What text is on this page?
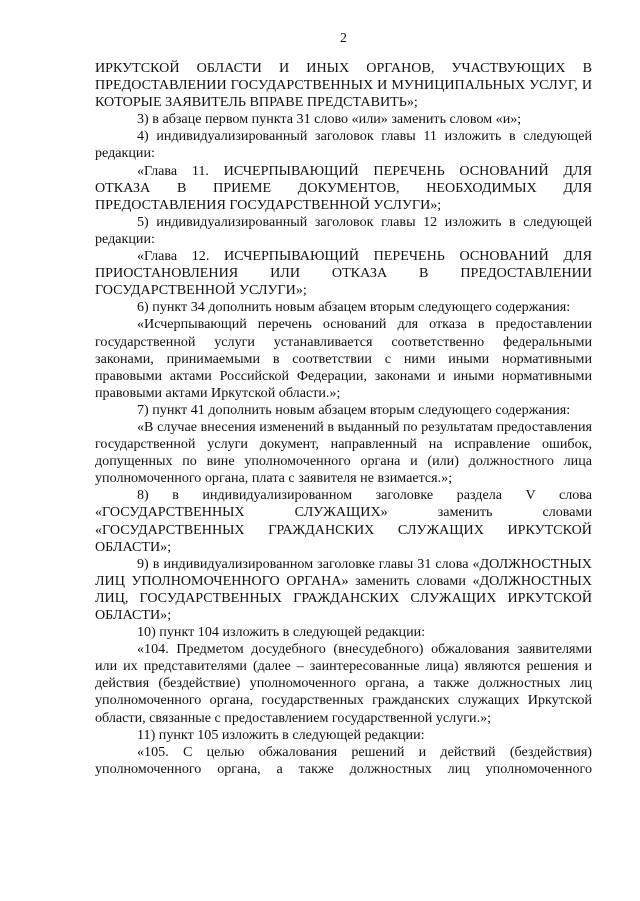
2

ИРКУТСКОЙ ОБЛАСТИ И ИНЫХ ОРГАНОВ, УЧАСТВУЮЩИХ В ПРЕДОСТАВЛЕНИИ ГОСУДАРСТВЕННЫХ И МУНИЦИПАЛЬНЫХ УСЛУГ, И КОТОРЫЕ ЗАЯВИТЕЛЬ ВПРАВЕ ПРЕДСТАВИТЬ»;

3) в абзаце первом пункта 31 слово «или» заменить словом «и»;

4) индивидуализированный заголовок главы 11 изложить в следующей редакции:

«Глава 11. ИСЧЕРПЫВАЮЩИЙ ПЕРЕЧЕНЬ ОСНОВАНИЙ ДЛЯ ОТКАЗА В ПРИЕМЕ ДОКУМЕНТОВ, НЕОБХОДИМЫХ ДЛЯ ПРЕДОСТАВЛЕНИЯ ГОСУДАРСТВЕННОЙ УСЛУГИ»;

5) индивидуализированный заголовок главы 12 изложить в следующей редакции:

«Глава 12. ИСЧЕРПЫВАЮЩИЙ ПЕРЕЧЕНЬ ОСНОВАНИЙ ДЛЯ ПРИОСТАНОВЛЕНИЯ ИЛИ ОТКАЗА В ПРЕДОСТАВЛЕНИИ ГОСУДАРСТВЕННОЙ УСЛУГИ»;

6) пункт 34 дополнить новым абзацем вторым следующего содержания:

«Исчерпывающий перечень оснований для отказа в предоставлении государственной услуги устанавливается соответственно федеральными законами, принимаемыми в соответствии с ними иными нормативными правовыми актами Российской Федерации, законами и иными нормативными правовыми актами Иркутской области.»;

7) пункт 41 дополнить новым абзацем вторым следующего содержания:

«В случае внесения изменений в выданный по результатам предоставления государственной услуги документ, направленный на исправление ошибок, допущенных по вине уполномоченного органа и (или) должностного лица уполномоченного органа, плата с заявителя не взимается.»;

8) в индивидуализированном заголовке раздела V слова «ГОСУДАРСТВЕННЫХ СЛУЖАЩИХ» заменить словами «ГОСУДАРСТВЕННЫХ ГРАЖДАНСКИХ СЛУЖАЩИХ ИРКУТСКОЙ ОБЛАСТИ»;

9) в индивидуализированном заголовке главы 31 слова «ДОЛЖНОСТНЫХ ЛИЦ УПОЛНОМОЧЕННОГО ОРГАНА» заменить словами «ДОЛЖНОСТНЫХ ЛИЦ, ГОСУДАРСТВЕННЫХ ГРАЖДАНСКИХ СЛУЖАЩИХ ИРКУТСКОЙ ОБЛАСТИ»;

10) пункт 104 изложить в следующей редакции:

«104. Предметом досудебного (внесудебного) обжалования заявителями или их представителями (далее – заинтересованные лица) являются решения и действия (бездействие) уполномоченного органа, а также должностных лиц уполномоченного органа, государственных гражданских служащих Иркутской области, связанные с предоставлением государственной услуги.»;

11) пункт 105 изложить в следующей редакции:

«105. С целью обжалования решений и действий (бездействия) уполномоченного органа, а также должностных лиц уполномоченного
